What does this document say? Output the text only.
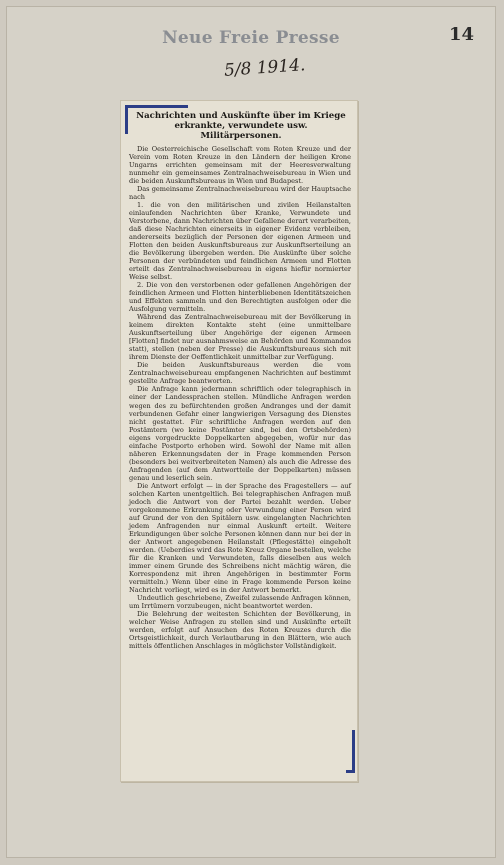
Neue Freie Presse	14
5/8 1914.
Nachrichten und Auskünfte über im Kriege erkrankte, verwundete usw. Militärpersonen.

Die Oesterreichische Gesellschaft vom Roten Kreuze und der Verein vom Roten Kreuze in den Ländern der heiligen Krone Ungarns errichten gemeinsam mit der Heeresverwaltung nunmehr ein gemeinsames Zentralnachweisebureau in Wien und die beiden Auskunftsbureaus in Wien und Budapest.

Das gemeinsame Zentralnachweisebureau wird der Hauptsache nach

1. die von den militärischen und zivilen Heilanstalten einlaufenden Nachrichten über Kranke, Verwundete und Verstorbene, dann Nachrichten über Gefallene derart verarbeiten, daß diese Nachrichten einerseits in eigener Evidenz verbleiben, andererseits bezüglich der Personen der eigenen Armeen und Flotten den beiden Auskunftsbureaus zur Auskunftserteilung an die Bevölkerung übergeben werden. Die Auskünfte über solche Personen der verbündeten und feindlichen Armeen und Flotten erteilt das Zentralnachweisebureau in eigens hiefür normierter Weise selbst.

2. Die von den verstorbenen oder gefallenen Angehörigen der feindlichen Armeen und Flotten hinterbliebenen Identitätszeichen und Effekten sammeln und den Berechtigten ausfolgen oder die Ausfolgung vermitteln.

Während das Zentralnachweisebureau mit der Bevölkerung in keinem direkten Kontakte steht (eine unmittelbare Auskunftserteilung über Angehörige der eigenen Armeen [Flotten] findet nur ausnahmsweise an Behörden und Kommandos statt), stellen (neben der Presse) die Auskunftsbureaus sich mit ihrem Dienste der Oeffentlichkeit unmittelbar zur Verfügung.

Die beiden Auskunftsbureaus werden die vom Zentralnachweisebureau empfangenen Nachrichten auf bestimmt gestellte Anfrage beantworten.

Die Anfrage kann jedermann schriftlich oder telegraphisch in einer der Landessprachen stellen. Mündliche Anfragen werden wegen des zu befürchtenden großen Andranges und der damit verbundenen Gefahr einer langwierigen Versagung des Dienstes nicht gestattet. Für schriftliche Anfragen werden auf den Postämtern (wo keine Postämter sind, bei den Ortsbehörden) eigens vorgedruckte Doppelkarten abgegeben, wofür nur das einfache Postporto erhoben wird. Sowohl der Name mit allen näheren Erkennungsdaten der in Frage kommenden Person (besonders bei weitverbreiteten Namen) als auch die Adresse des Anfragenden (auf dem Antwortteile der Doppelkarten) müssen genau und leserlich sein.

Die Antwort erfolgt — in der Sprache des Fragestellers — auf solchen Karten unentgeltlich. Bei telegraphischen Anfragen muß jedoch die Antwort von der Partei bezahlt werden. Ueber vorgekommene Erkrankung oder Verwundung einer Person wird auf Grund der von den Spitälern usw. eingelangten Nachrichten jedem Anfragenden nur einmal Auskunft erteilt. Weitere Erkundigungen über solche Personen können dann nur bei der in der Antwort angegebenen Heilanstalt (Pflegestätte) eingeholt werden. (Ueberdies wird das Rote Kreuz Organe bestellen, welche für die Kranken und Verwundeten, falls dieselben aus welch immer einem Grunde des Schreibens nicht mächtig wären, die Korrespondenz mit ihren Angehörigen in bestimmter Form vermitteln.) Wenn über eine in Frage kommende Person keine Nachricht vorliegt, wird es in der Antwort bemerkt.

Undeutlich geschriebene, Zweifel zulassende Anfragen können, um Irrtümern vorzubeugen, nicht beantwortet werden.

Die Belehrung der weitesten Schichten der Bevölkerung, in welcher Weise Anfragen zu stellen sind und Auskünfte erteilt werden, erfolgt auf Ansuchen des Roten Kreuzes durch die Ortsgeistlichkeit, durch Verlautbarung in den Blättern, wie auch mittels öffentlichen Anschlages in möglichster Vollständigkeit.
